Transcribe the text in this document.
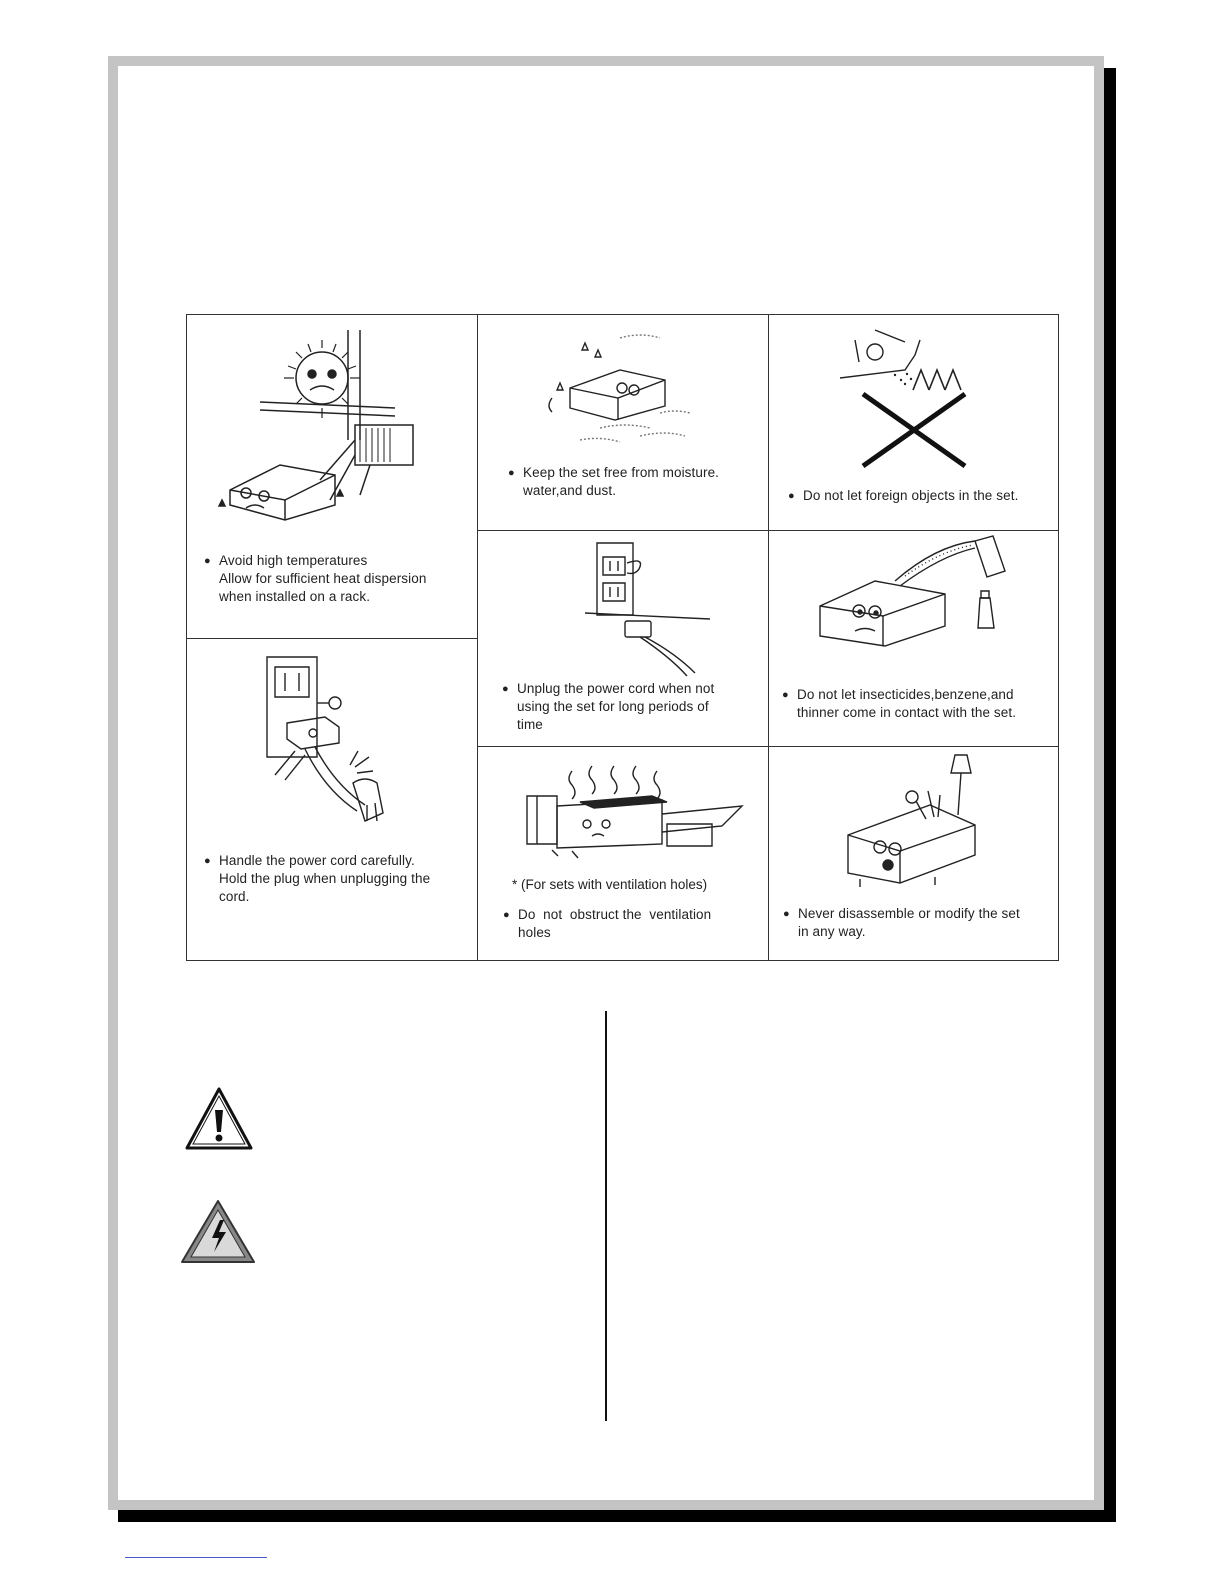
● Avoid high temperatures
Allow for sufficient heat dispersion
when installed on a rack.
● Keep the set free from moisture.
water,and dust.	● Do not let foreign objects in the set.
● Unplug the power cord when not
using the set for long periods of
time
● Do not let insecticides,benzene,and
thinner come in contact with the set.
● Handle the power cord carefully.
Hold the plug when unplugging the
cord.
* (For sets with ventilation holes)
● Do  not  obstruct the  ventilation
holes
● Never disassemble or modify the set
in any way.
